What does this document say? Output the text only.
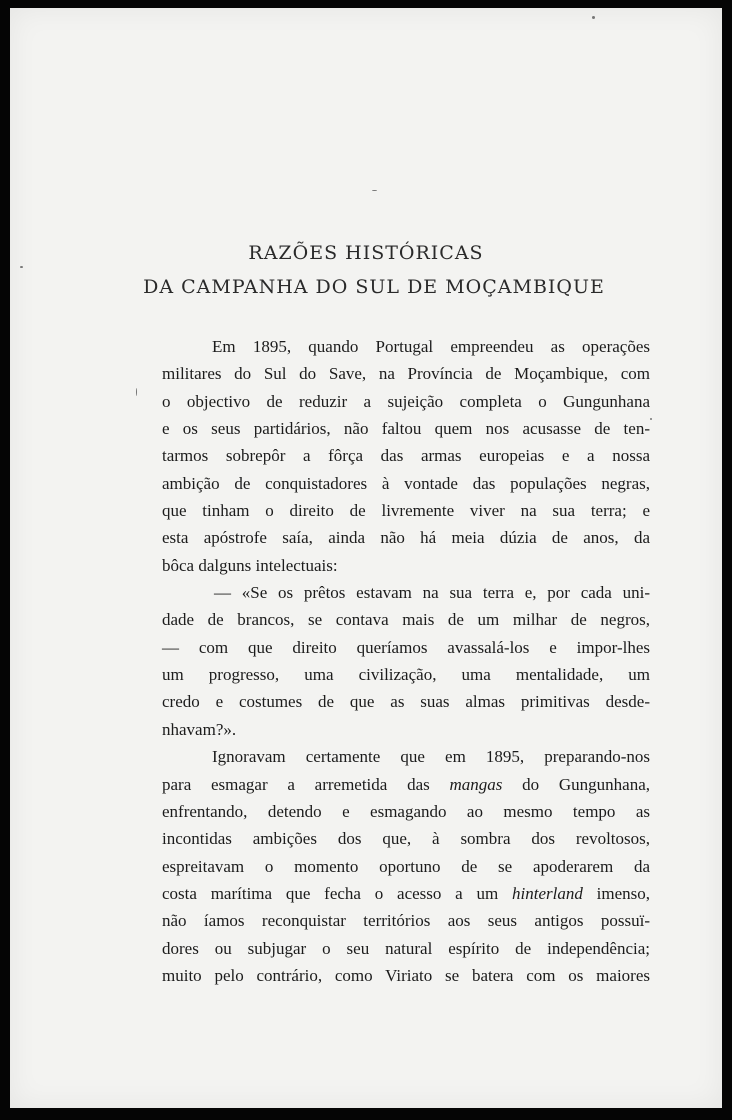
RAZÕES HISTÓRICAS
DA CAMPANHA DO SUL DE MOÇAMBIQUE
Em 1895, quando Portugal empreendeu as operações
militares do Sul do Save, na Província de Moçambique, com
o objectivo de reduzir a sujeição completa o Gungunhana
e os seus partidários, não faltou quem nos acusasse de ten-
tarmos sobrepôr a fôrça das armas europeias e a nossa
ambição de conquistadores à vontade das populações negras,
que tinham o direito de livremente viver na sua terra; e
esta apóstrofe saía, ainda não há meia dúzia de anos, da
bôca dalguns intelectuais:
— «Se os prêtos estavam na sua terra e, por cada uni-
dade de brancos, se contava mais de um milhar de negros,
— com que direito queríamos avassalá-los e impor-lhes
um progresso, uma civilização, uma mentalidade, um
credo e costumes de que as suas almas primitivas desde-
nhavam?».
Ignoravam certamente que em 1895, preparando-nos
para esmagar a arremetida das mangas do Gungunhana,
enfrentando, detendo e esmagando ao mesmo tempo as
incontidas ambições dos que, à sombra dos revoltosos,
espreitavam o momento oportuno de se apoderarem da
costa marítima que fecha o acesso a um hinterland imenso,
não íamos reconquistar territórios aos seus antigos possuï-
dores ou subjugar o seu natural espírito de independência;
muito pelo contrário, como Viriato se batera com os maiores
